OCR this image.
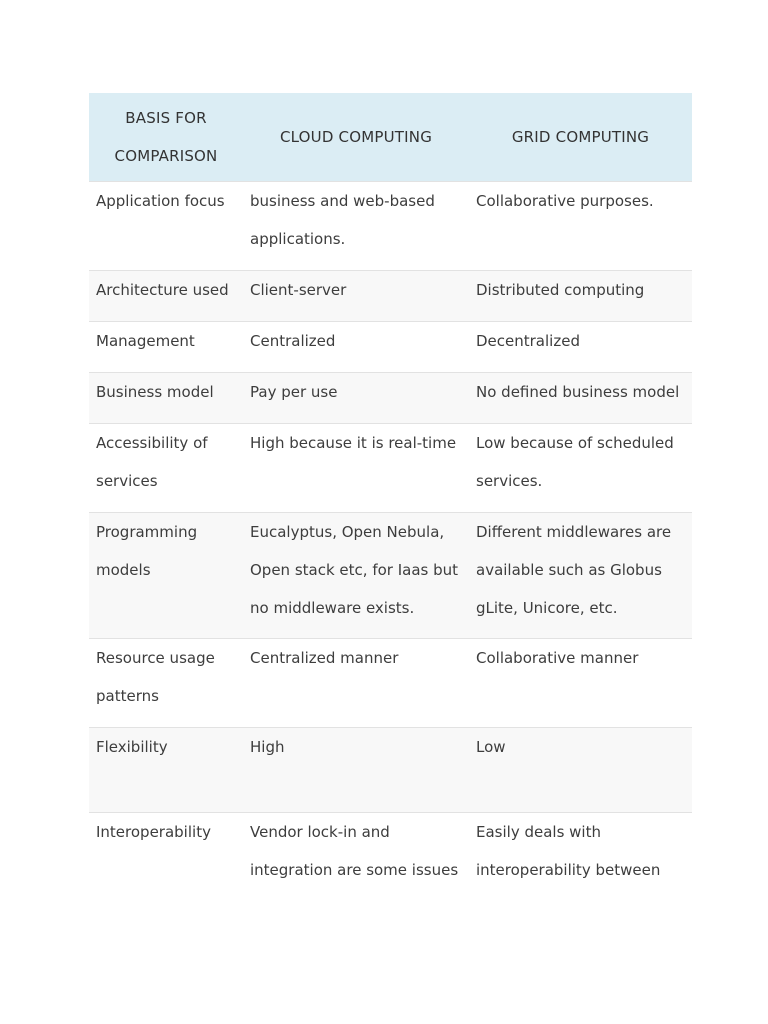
BASIS FOR COMPARISON	CLOUD COMPUTING	GRID COMPUTING
Application focus	business and web-based applications.	Collaborative purposes.
Architecture used	Client-server	Distributed computing
Management	Centralized	Decentralized
Business model	Pay per use	No defined business model
Accessibility of services	High because it is real-time	Low because of scheduled services.
Programming models	Eucalyptus, Open Nebula, Open stack etc, for Iaas but no middleware exists.	Different middlewares are available such as Globus gLite, Unicore, etc.
Resource usage patterns	Centralized manner	Collaborative manner
Flexibility	High	Low
Interoperability	Vendor lock-in and integration are some issues	Easily deals with interoperability between
